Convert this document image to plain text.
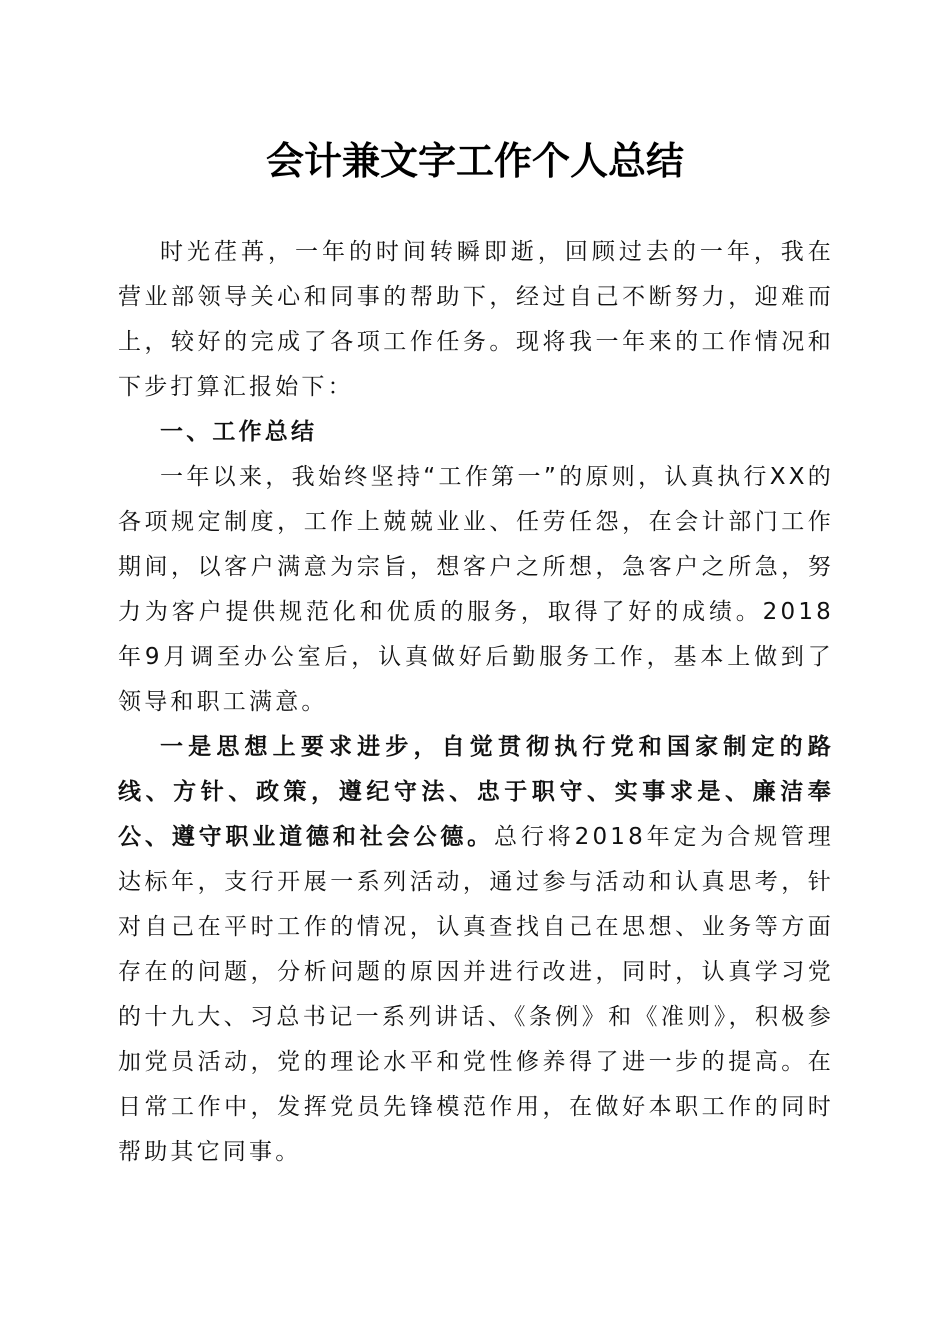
会计兼文字工作个人总结

时光荏苒，一年的时间转瞬即逝，回顾过去的一年，我在营业部领导关心和同事的帮助下，经过自己不断努力，迎难而上，较好的完成了各项工作任务。现将我一年来的工作情况和下步打算汇报始下：

一、工作总结

一年以来，我始终坚持“工作第一”的原则，认真执行XX的各项规定制度，工作上兢兢业业、任劳任怨，在会计部门工作期间，以客户满意为宗旨，想客户之所想，急客户之所急，努力为客户提供规范化和优质的服务，取得了好的成绩。2018年9月调至办公室后，认真做好后勤服务工作，基本上做到了领导和职工满意。

一是思想上要求进步，自觉贯彻执行党和国家制定的路线、方针、政策，遵纪守法、忠于职守、实事求是、廉洁奉公、遵守职业道德和社会公德。总行将2018年定为合规管理达标年，支行开展一系列活动，通过参与活动和认真思考，针对自己在平时工作的情况，认真查找自己在思想、业务等方面存在的问题，分析问题的原因并进行改进，同时，认真学习党的十九大、习总书记一系列讲话、《条例》和《准则》，积极参加党员活动，党的理论水平和党性修养得了进一步的提高。在日常工作中，发挥党员先锋模范作用，在做好本职工作的同时帮助其它同事。
